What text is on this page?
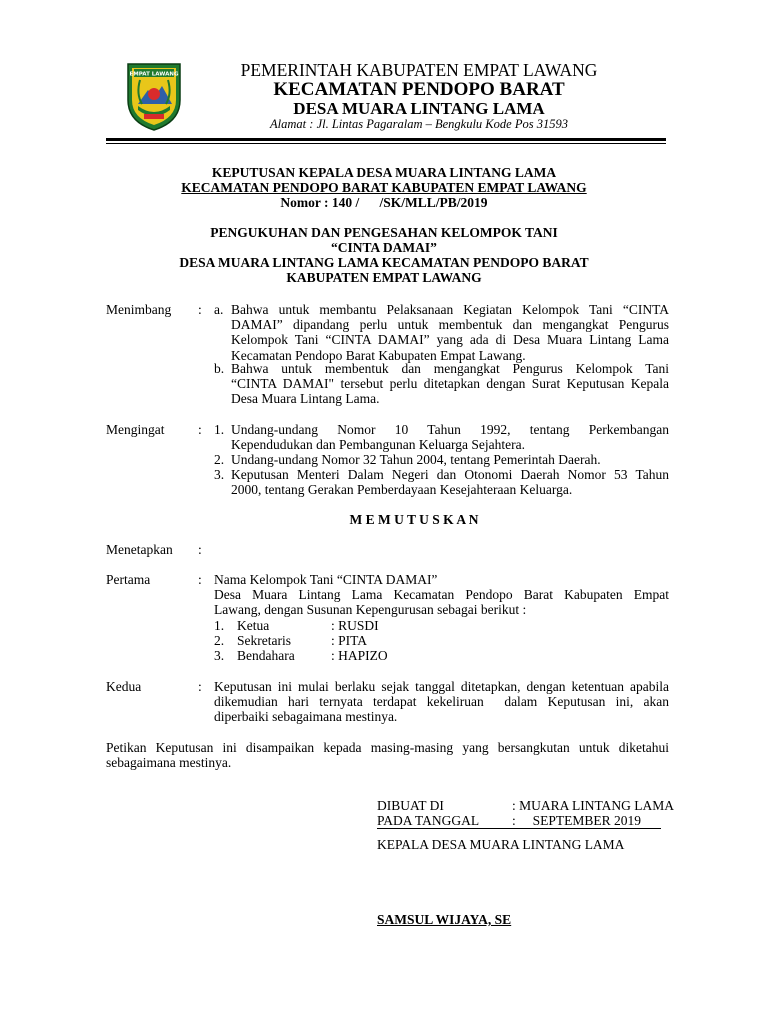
EMPAT LAWANG	PEMERINTAH KABUPATEN EMPAT LAWANG
KECAMATAN PENDOPO BARAT
DESA MUARA LINTANG LAMA
Alamat : Jl. Lintas Pagaralam – Bengkulu Kode Pos 31593
KEPUTUSAN KEPALA DESA MUARA LINTANG LAMA
KECAMATAN PENDOPO BARAT KABUPATEN EMPAT LAWANG
Nomor : 140 /      /SK/MLL/PB/2019
PENGUKUHAN DAN PENGESAHAN KELOMPOK TANI
“CINTA DAMAI”
DESA MUARA LINTANG LAMA KECAMATAN PENDOPO BARAT
KABUPATEN EMPAT LAWANG
Menimbang : a. Bahwa untuk membantu Pelaksanaan Kegiatan Kelompok Tani “CINTA
DAMAI” dipandang perlu untuk membentuk dan mengangkat Pengurus
Kelompok Tani “CINTA DAMAI” yang ada di Desa Muara Lintang Lama
Kecamatan Pendopo Barat Kabupaten Empat Lawang.
b. Bahwa untuk membentuk dan mengangkat Pengurus Kelompok Tani
“CINTA DAMAI" tersebut perlu ditetapkan dengan Surat Keputusan Kepala
Desa Muara Lintang Lama.
Mengingat : 1. Undang-undang Nomor 10 Tahun 1992, tentang Perkembangan
Kependudukan dan Pembangunan Keluarga Sejahtera.
2. Undang-undang Nomor 32 Tahun 2004, tentang Pemerintah Daerah.
3. Keputusan Menteri Dalam Negeri dan Otonomi Daerah Nomor 53 Tahun
2000, tentang Gerakan Pemberdayaan Kesejahteraan Keluarga.
M E M U T U S K A N
Menetapkan :
Pertama	: Nama Kelompok Tani “CINTA DAMAI”
Desa Muara Lintang Lama Kecamatan Pendopo Barat Kabupaten Empat
Lawang, dengan Susunan Kepengurusan sebagai berikut :
1. Ketua	: RUSDI
2. Sekretaris	: PITA
3. Bendahara	: HAPIZO
Kedua	: Keputusan ini mulai berlaku sejak tanggal ditetapkan, dengan ketentuan apabila
dikemudian hari ternyata terdapat kekeliruan  dalam Keputusan ini, akan
diperbaiki sebagaimana mestinya.
Petikan Keputusan ini disampaikan kepada masing-masing yang bersangkutan untuk diketahui
sebagaimana mestinya.
DIBUAT DI	: MUARA LINTANG LAMA
PADA TANGGAL :     SEPTEMBER 2019
KEPALA DESA MUARA LINTANG LAMA
SAMSUL WIJAYA, SE
